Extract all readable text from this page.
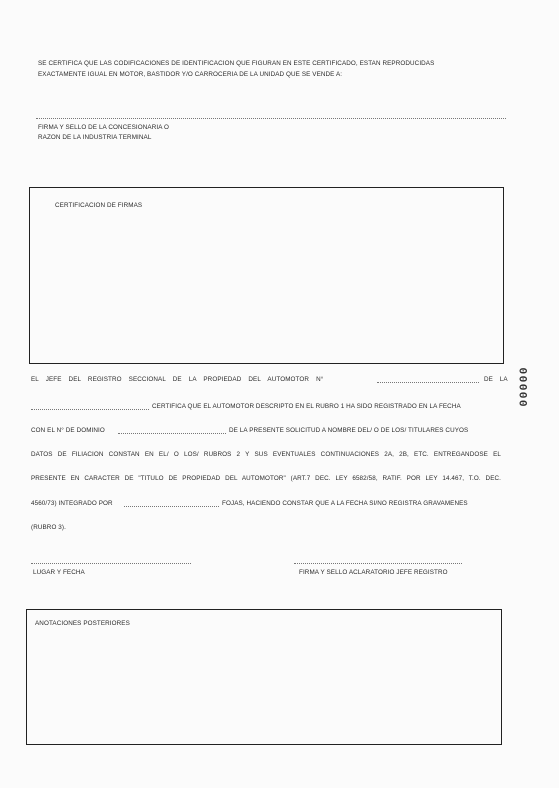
SE CERTIFICA QUE LAS CODIFICACIONES DE IDENTIFICACION QUE FIGURAN EN ESTE CERTIFICADO, ESTAN REPRODUCIDAS
EXACTAMENTE IGUAL EN MOTOR, BASTIDOR Y/O CARROCERIA DE LA UNIDAD QUE SE VENDE A:
FIRMA Y SELLO DE LA CONCESIONARIA O
RAZON DE LA INDUSTRIA TERMINAL
CERTIFICACION DE FIRMAS
EL JEFE DEL REGISTRO SECCIONAL DE LA PROPIEDAD DEL AUTOMOTOR N°	DE LA
CERTIFICA QUE EL AUTOMOTOR DESCRIPTO EN EL RUBRO 1 HA SIDO REGISTRADO EN LA FECHA
CON EL N° DE DOMINIO	DE LA PRESENTE SOLICITUD A NOMBRE DEL/ O DE LOS/ TITULARES CUYOS
DATOS DE FILIACION CONSTAN EN EL/ O LOS/ RUBROS 2 Y SUS EVENTUALES CONTINUACIONES 2A, 2B, ETC. ENTREGANDOSE EL
PRESENTE EN CARACTER DE "TITULO DE PROPIEDAD DEL AUTOMOTOR" (ART.7 DEC. LEY 6582/58, RATIF. POR LEY 14.467, T.O. DEC.
4560/73) INTEGRADO POR	FOJAS, HACIENDO CONSTAR QUE A LA FECHA SI/NO REGISTRA GRAVAMENES
(RUBRO 3).
LUGAR Y FECHA	FIRMA Y SELLO ACLARATORIO JEFE REGISTRO
ANOTACIONES POSTERIORES
00000
